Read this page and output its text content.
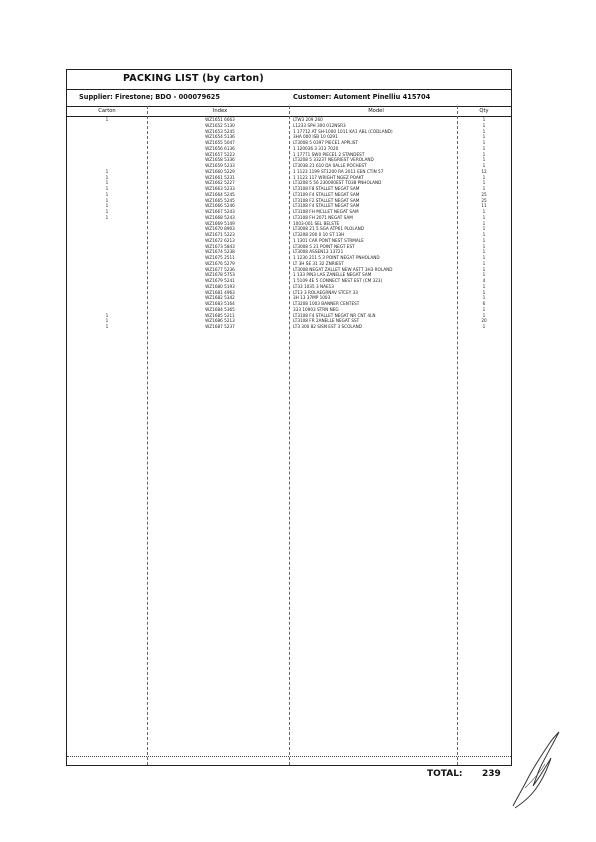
PACKING LIST (by carton)
Supplier: Firestone; BDO - 000079625	Customer: Automent Pinelliu 415704
Carton	Index	Model	Qty
1	WZ1651 6663	LTW3 209 260	1
WZ1652 5130	L1233 SPH 300 012NSR3	1
WZ1653 5245	1 17712 AT SH-1000 1011 KA1 ABL (CODLAND)	1
WZ1654 5136	3HA 000 ISB 10 0291	1
WZ1655 5047	LT3008 5 0397 PIECE1 APPLIST	1
WZ1656 6136	1 120036 3 313 7020	1
WZ1657 5223	1 17771 SW0 PIECE1 2 STANDEST	1
WZ1658 5336	LT3208 5 33237 NEGRIEST VEROLAND	1
WZ1659 5233	LT3038 21 610 DA 0ALLE POCHEST	1
1	WZ1660 5229	1 1123 1199 ST1200 RA 2011 EEN CTIN 57	12
1	WZ1661 5231	1 1123 117 WRIGHT NGEZ POAKT	1
1	WZ1662 5227	LT3208 5 56 230000EST TO38 PNHOLAND	1
1	WZ1663 5233	LT3108 F8 STALLET NEGAT SAM	1
1	WZ1664 5245	LT3109 F4 STALLET NEGAT SAM	25
1	WZ1665 5245	LT3108 F2 STALLET NEGAT SAM	25
1	WZ1666 5246	LT3108 F4 STALLET NEGAT SAM	11
1	WZ1667 5243	LT3108 FH MCLLET NEGAT SAM	1
1	WZ1668 5243	LT3108 FH 2071 NEGAT SAM	1
WZ1669 5149	1003-001 SEL BELSTE	1
WZ1670 8903	LT3008 21 5 SGA ATP61 PLOLAND	1
WZ1671 5223	LT3208 200 0 10 ST 13H	1
WZ1672 6213	1 1301 CAR PONT NEST STRMALE	1
WZ1673 5843	LT3008 5 21 POINT NEGT EST	1
WZ1674 5238	LT3008 ASSEN13 13721	1
WZ1675 2511	1 1230 211 5 3 POINT NEGAT PNHOLAND	1
WZ1676 5279	LT 3H SE 31 32 ZNRIEST	1
WZ1677 5236	LT3008 NEGAT ZALLET NEW ASTT 3H3 ROLAND	1
WZ1678 5753	1 133 PIN3 LAS ZANELLE NEGAT SAM	1
WZ1679 5241	1 5109 4E 5 CONNECT NEST EST (CM 323)	4
WZ1680 5193	LT33 1035 3 NAE13	1
WZ1681 4963	LT13 3 ROLAEGRNAV STCEY 33	1
WZ1682 5342	3H 13 37MP 1003	1
WZ1683 5164	LT3208 1003 BANNER CENTEST	6
WZ1684 5365	333 10903 STRN NEG	1
1	WZ1685 5211	LT3108 F4 STALLET NEGAT NR CNT 4LN	1
1	WZ1686 5213	LT3108 FR 2ANELLE NEGAT SST	20
1	WZ1687 5237	LT3 300 82 SISN EST 3 SCOLAND	1
TOTAL: 239
